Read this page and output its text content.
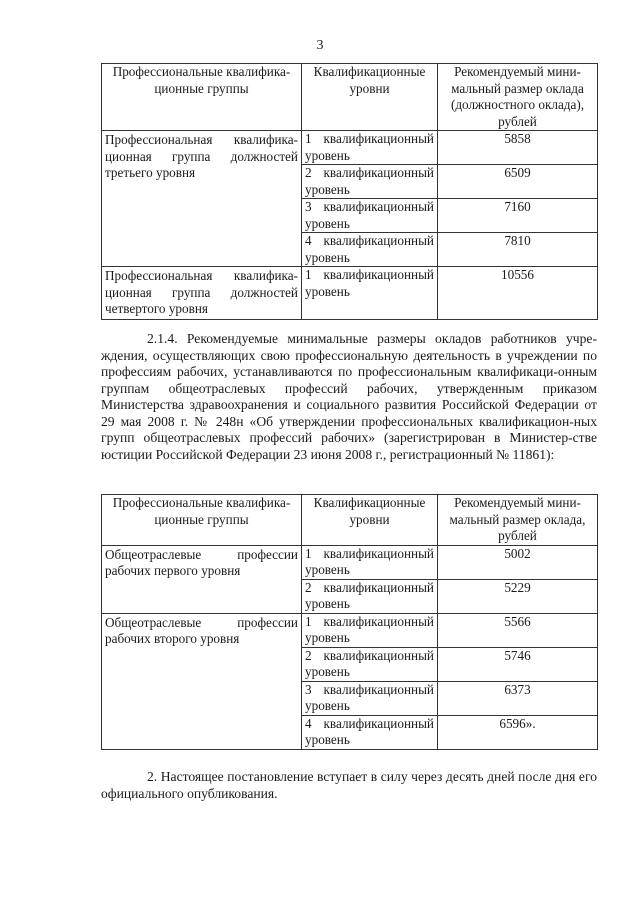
3
Профессиональные квалифика-ционные группы	Квалификационные уровни	Рекомендуемый мини-мальный размер оклада (должностного оклада), рублей
Профессиональная квалифика-ционная группа должностей третьего уровня	1 квалификационный уровень	5858
	2 квалификационный уровень	6509
	3 квалификационный уровень	7160
	4 квалификационный уровень	7810
Профессиональная квалифика-ционная группа должностей четвертого уровня	1 квалификационный уровень	10556

2.1.4. Рекомендуемые минимальные размеры окладов работников учре-ждения, осуществляющих свою профессиональную деятельность в учреждении по профессиям рабочих, устанавливаются по профессиональным квалификаци-онным группам общеотраслевых профессий рабочих, утвержденным приказом Министерства здравоохранения и социального развития Российской Федерации от 29 мая 2008 г. № 248н «Об утверждении профессиональных квалификацион-ных групп общеотраслевых профессий рабочих» (зарегистрирован в Министер-стве юстиции Российской Федерации 23 июня 2008 г., регистрационный № 11861):

Профессиональные квалифика-ционные группы	Квалификационные уровни	Рекомендуемый мини-мальный размер оклада, рублей
Общеотраслевые профессии рабочих первого уровня	1 квалификационный уровень	5002
	2 квалификационный уровень	5229
Общеотраслевые профессии рабочих второго уровня	1 квалификационный уровень	5566
	2 квалификационный уровень	5746
	3 квалификационный уровень	6373
	4 квалификационный уровень	6596».

2. Настоящее постановление вступает в силу через десять дней после дня его официального опубликования.
